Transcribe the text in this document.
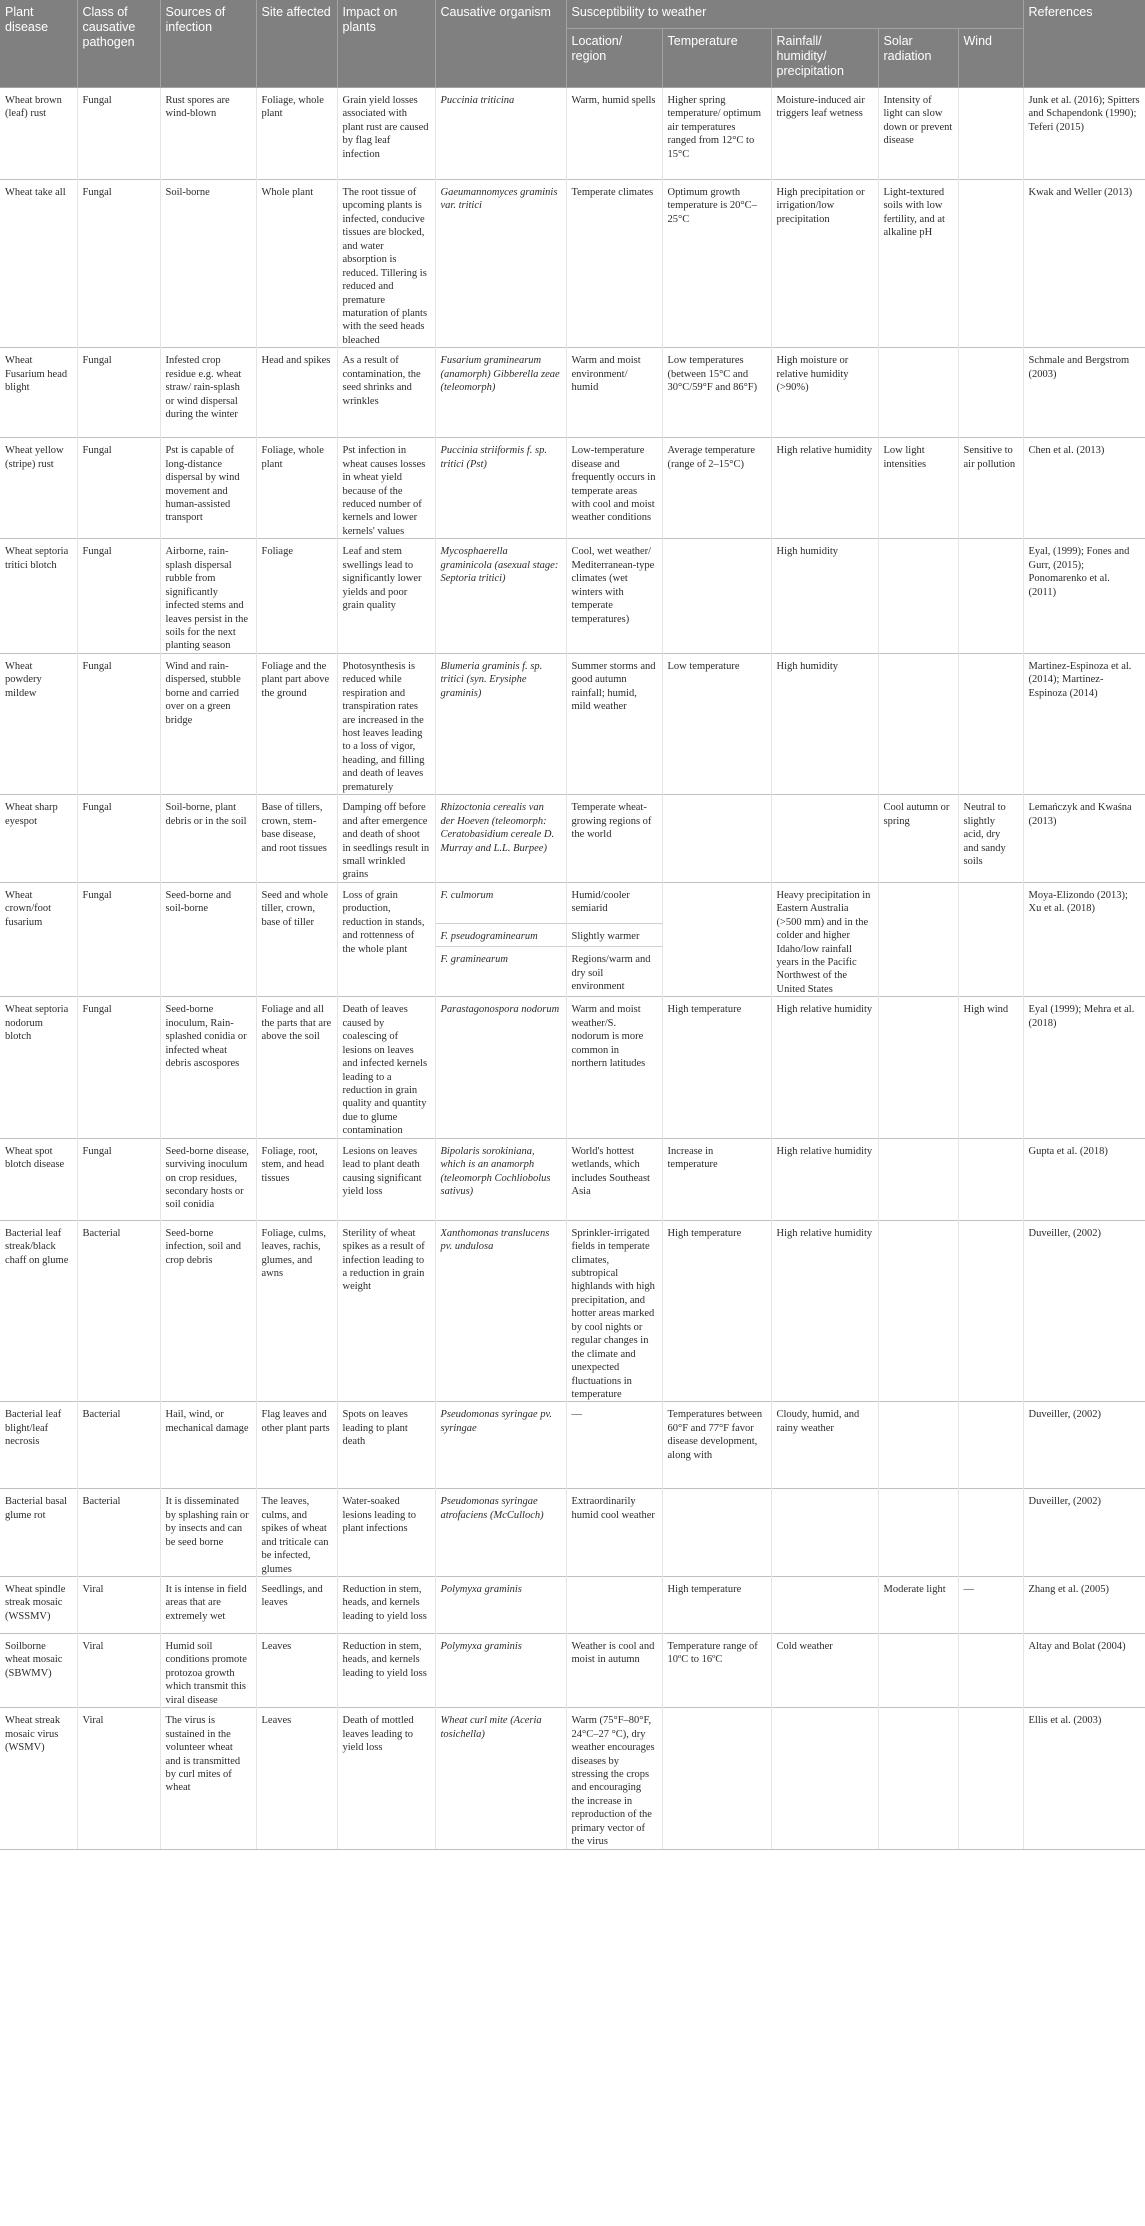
Plant disease	Class of causative pathogen	Sources of infection	Site affected	Impact on plants	Causative organism	Susceptibility to weather					References
						Location/ region	Temperature	Rainfall/ humidity/ precipitation	Solar radiation	Wind	
Wheat brown (leaf) rust	Fungal	Rust spores are wind-blown	Foliage, whole plant	Grain yield losses associated with plant rust are caused by flag leaf infection	Puccinia triticina	Warm, humid spells	Higher spring temperature/ optimum air temperatures ranged from 12°C to 15°C	Moisture-induced air triggers leaf wetness	Intensity of light can slow down or prevent disease		Junk et al. (2016); Spitters and Schapendonk (1990); Teferi (2015)
Wheat take all	Fungal	Soil-borne	Whole plant	The root tissue of upcoming plants is infected, conducive tissues are blocked, and water absorption is reduced. Tillering is reduced and premature maturation of plants with the seed heads bleached	Gaeumannomyces graminis var. tritici	Temperate climates	Optimum growth temperature is 20°C–25°C	High precipitation or irrigation/low precipitation	Light-textured soils with low fertility, and at alkaline pH		Kwak and Weller (2013)
Wheat Fusarium head blight	Fungal	Infested crop residue e.g. wheat straw/ rain-splash or wind dispersal during the winter	Head and spikes	As a result of contamination, the seed shrinks and wrinkles	Fusarium graminearum (anamorph) Gibberella zeae (teleomorph)	Warm and moist environment/ humid	Low temperatures (between 15°C and 30°C/59°F and 86°F)	High moisture or relative humidity (>90%)			Schmale and Bergstrom (2003)
Wheat yellow (stripe) rust	Fungal	Pst is capable of long-distance dispersal by wind movement and human-assisted transport	Foliage, whole plant	Pst infection in wheat causes losses in wheat yield because of the reduced number of kernels and lower kernels' values	Puccinia striiformis f. sp. tritici (Pst)	Low-temperature disease and frequently occurs in temperate areas with cool and moist weather conditions	Average temperature (range of 2–15°C)	High relative humidity	Low light intensities	Sensitive to air pollution	Chen et al. (2013)
Wheat septoria tritici blotch	Fungal	Airborne, rain-splash dispersal rubble from significantly infected stems and leaves persist in the soils for the next planting season	Foliage	Leaf and stem swellings lead to significantly lower yields and poor grain quality	Mycosphaerella graminicola (asexual stage: Septoria tritici)	Cool, wet weather/ Mediterranean-type climates (wet winters with temperate temperatures)		High humidity			Eyal, (1999); Fones and Gurr, (2015); Ponomarenko et al. (2011)
Wheat powdery mildew	Fungal	Wind and rain-dispersed, stubble borne and carried over on a green bridge	Foliage and the plant part above the ground	Photosynthesis is reduced while respiration and transpiration rates are increased in the host leaves leading to a loss of vigor, heading, and filling and death of leaves prematurely	Blumeria graminis f. sp. tritici (syn. Erysiphe graminis)	Summer storms and good autumn rainfall; humid, mild weather	Low temperature	High humidity			Martinez-Espinoza et al. (2014); Martinez-Espinoza (2014)
Wheat sharp eyespot	Fungal	Soil-borne, plant debris or in the soil	Base of tillers, crown, stem-base disease, and root tissues	Damping off before and after emergence and death of shoot in seedlings result in small wrinkled grains	Rhizoctonia cerealis van der Hoeven (teleomorph: Ceratobasidium cereale D. Murray and L.L. Burpee)	Temperate wheat-growing regions of the world			Cool autumn or spring	Neutral to slightly acid, dry and sandy soils	Lemańczyk and Kwaśna (2013)
Wheat crown/foot fusarium	Fungal	Seed-borne and soil-borne	Seed and whole tiller, crown, base of tiller	Loss of grain production, reduction in stands, and rottenness of the whole plant	F. culmorum	Humid/cooler semiarid		Heavy precipitation in Eastern Australia (>500 mm) and in the colder and higher Idaho/low rainfall years in the Pacific Northwest of the United States			Moya-Elizondo (2013); Xu et al. (2018)
					F. pseudograminearum	Slightly warmer					
					F. graminearum	Regions/warm and dry soil environment					
Wheat septoria nodorum blotch	Fungal	Seed-borne inoculum, Rain-splashed conidia or infected wheat debris ascospores	Foliage and all the parts that are above the soil	Death of leaves caused by coalescing of lesions on leaves and infected kernels leading to a reduction in grain quality and quantity due to glume contamination	Parastagonospora nodorum	Warm and moist weather/S. nodorum is more common in northern latitudes	High temperature	High relative humidity		High wind	Eyal (1999); Mehra et al. (2018)
Wheat spot blotch disease	Fungal	Seed-borne disease, surviving inoculum on crop residues, secondary hosts or soil conidia	Foliage, root, stem, and head tissues	Lesions on leaves lead to plant death causing significant yield loss	Bipolaris sorokiniana, which is an anamorph (teleomorph Cochliobolus sativus)	World's hottest wetlands, which includes Southeast Asia	Increase in temperature	High relative humidity			Gupta et al. (2018)
Bacterial leaf streak/black chaff on glume	Bacterial	Seed-borne infection, soil and crop debris	Foliage, culms, leaves, rachis, glumes, and awns	Sterility of wheat spikes as a result of infection leading to a reduction in grain weight	Xanthomonas translucens pv. undulosa	Sprinkler-irrigated fields in temperate climates, subtropical highlands with high precipitation, and hotter areas marked by cool nights or regular changes in the climate and unexpected fluctuations in temperature	High temperature	High relative humidity			Duveiller, (2002)
Bacterial leaf blight/leaf necrosis	Bacterial	Hail, wind, or mechanical damage	Flag leaves and other plant parts	Spots on leaves leading to plant death	Pseudomonas syringae pv. syringae	—	Temperatures between 60°F and 77°F favor disease development, along with	Cloudy, humid, and rainy weather			Duveiller, (2002)
Bacterial basal glume rot	Bacterial	It is disseminated by splashing rain or by insects and can be seed borne	The leaves, culms, and spikes of wheat and triticale can be infected, glumes	Water-soaked lesions leading to plant infections	Pseudomonas syringae atrofaciens (McCulloch)	Extraordinarily humid cool weather					Duveiller, (2002)
Wheat spindle streak mosaic (WSSMV)	Viral	It is intense in field areas that are extremely wet	Seedlings, and leaves	Reduction in stem, heads, and kernels leading to yield loss	Polymyxa graminis		High temperature		Moderate light	—	Zhang et al. (2005)
Soilborne wheat mosaic (SBWMV)	Viral	Humid soil conditions promote protozoa growth which transmit this viral disease	Leaves	Reduction in stem, heads, and kernels leading to yield loss	Polymyxa graminis	Weather is cool and moist in autumn	Temperature range of 10ºC to 16ºC	Cold weather			Altay and Bolat (2004)
Wheat streak mosaic virus (WSMV)	Viral	The virus is sustained in the volunteer wheat and is transmitted by curl mites of wheat	Leaves	Death of mottled leaves leading to yield loss	Wheat curl mite (Aceria tosichella)	Warm (75°F–80°F, 24°C–27 °C), dry weather encourages diseases by stressing the crops and encouraging the increase in reproduction of the primary vector of the virus					Ellis et al. (2003)
